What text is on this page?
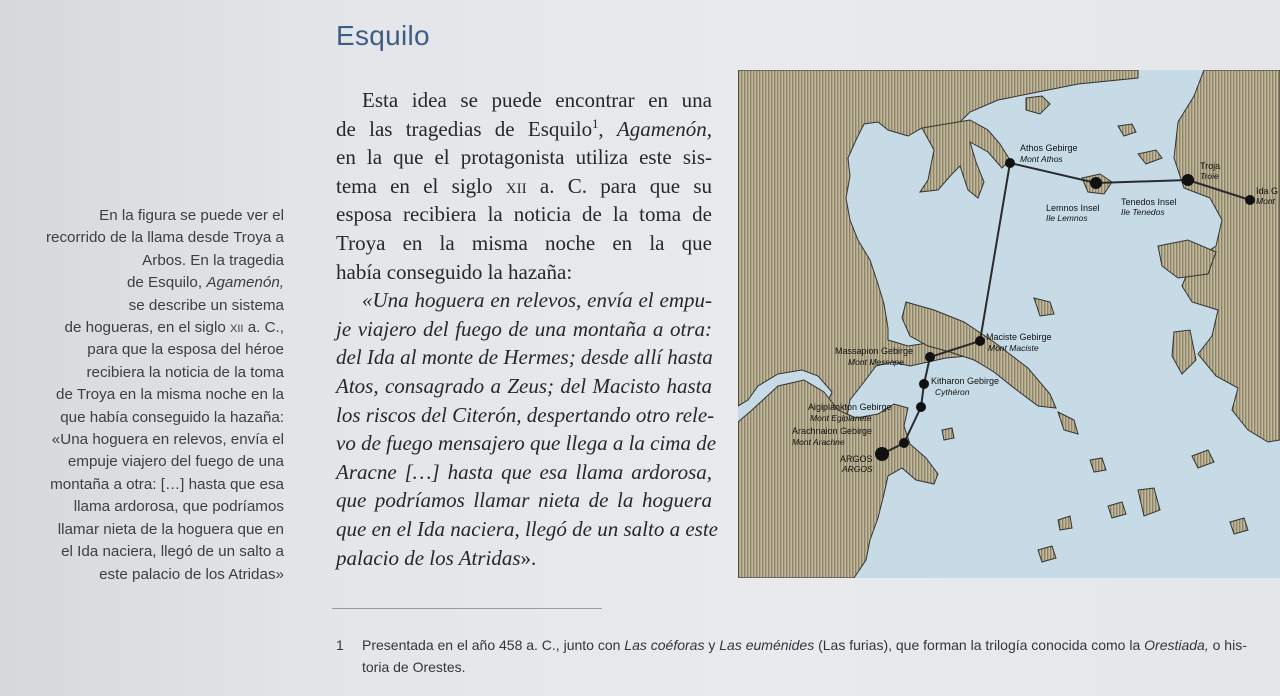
Esquilo
En la figura se puede ver el
recorrido de la llama desde Troya a
Arbos. En la tragedia
de Esquilo, Agamenón,
se describe un sistema
de hogueras, en el siglo xii a. C.,
para que la esposa del héroe
recibiera la noticia de la toma
de Troya en la misma noche en la
que había conseguido la hazaña:
«Una hoguera en relevos, envía el
empuje viajero del fuego de una
montaña a otra: […] hasta que esa
llama ardorosa, que podríamos
llamar nieta de la hoguera que en
el Ida naciera, llegó de un salto a
este palacio de los Atridas»
Esta idea se puede encontrar en una
de las tragedias de Esquilo$^1$, Agamenón,
en la que el protagonista utiliza este sis-
tema en el siglo xii a. C. para que su
esposa recibiera la noticia de la toma de
Troya en la misma noche en la que
había conseguido la hazaña:
«Una hoguera en relevos, envía el empu-
je viajero del fuego de una montaña a otra:
del Ida al monte de Hermes; desde allí hasta
Atos, consagrado a Zeus; del Macisto hasta
los riscos del Citerón, despertando otro rele-
vo de fuego mensajero que llega a la cima de
Aracne […] hasta que esa llama ardorosa,
que podríamos llamar nieta de la hoguera
que en el Ida naciera, llegó de un salto a este
palacio de los Atridas».
Athos Gebirge
Mont Athos
Lemnos Insel
Ile Lemnos
Tenedos Insel
Ile Tenedos
Troja
Troie
Ida G
Mont
Maciste Gebirge
Mont Maciste
Massapion Gebirge
Mont Messape
Kitharon Gebirge
Cythéron
Aigiplankton Gebirge
Mont Egiplanete
Arachnaion Gebirge
Mont Arachne
ARGOS
ARGOS
1 Presentada en el año 458 a. C., junto con Las coéforas y Las euménides (Las furias), que forman la trilogía conocida como la Orestiada, o his-
toria de Orestes.
